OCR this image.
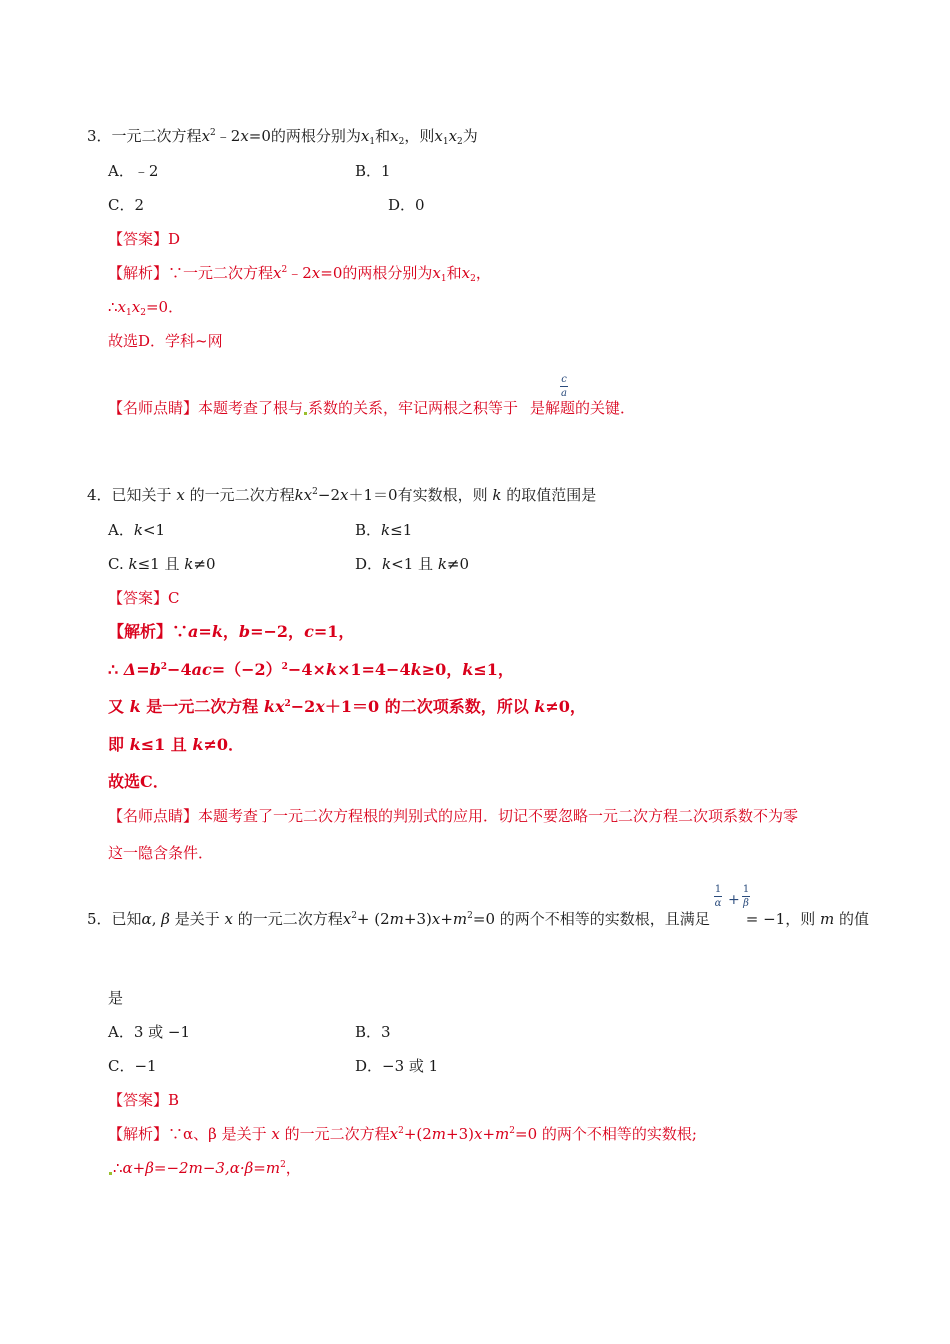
3．一元二次方程$x^2﹣2x=0$的两根分别为$x_1$和$x_2$，则$x_1x_2$为
A．﹣2	B．1
C．2	D．0
【答案】D
【解析】∵一元二次方程$x^2﹣2x=0$的两根分别为$x_1$和$x_2$，
$\therefore x_1x_2=0$．
故选D．学科~网
【名师点睛】本题考查了根与 系数的关系，牢记两根之积等于 是解题的关键．
c
a
4．已知关于 x 的一元二次方程$kx^2-2x+1=0$有实数根，则 k 的取值范围是
A．k<1	B．k≤1
C. k≤1 且 k≠0	D．k<1 且 k≠0
【答案】C
【解析】∵a=k，b=−2，c=1，
∴ $\Delta=b^2-4ac=(-2)^2-4\times k\times 1=4-4k\ge 0$，k≤1，
又 k 是一元二次方程 $kx^2-2x+1=0$ 的二次项系数，所以 k≠0，
即 k≤1 且 k≠0．
故选C．
【名师点睛】本题考查了一元二次方程根的判别式的应用．切记不要忽略一元二次方程二次项系数不为零
这一隐含条件．
5．已知α, β 是关于 x 的一元二次方程$x^2+ (2m+3)x+m^2=0$ 的两个不相等的实数根，且满足 = −1，则 m 的值
1
α +
1
β
是
A．3 或 −1	B．3
C．−1	D．−3 或 1
【答案】B
【解析】∵α、β 是关于 x 的一元二次方程$x^2+(2m+3)x+m^2=0$ 的两个不相等的实数根;
$\therefore\alpha+\beta=-2m-3,\alpha\cdot\beta=m^2$，
